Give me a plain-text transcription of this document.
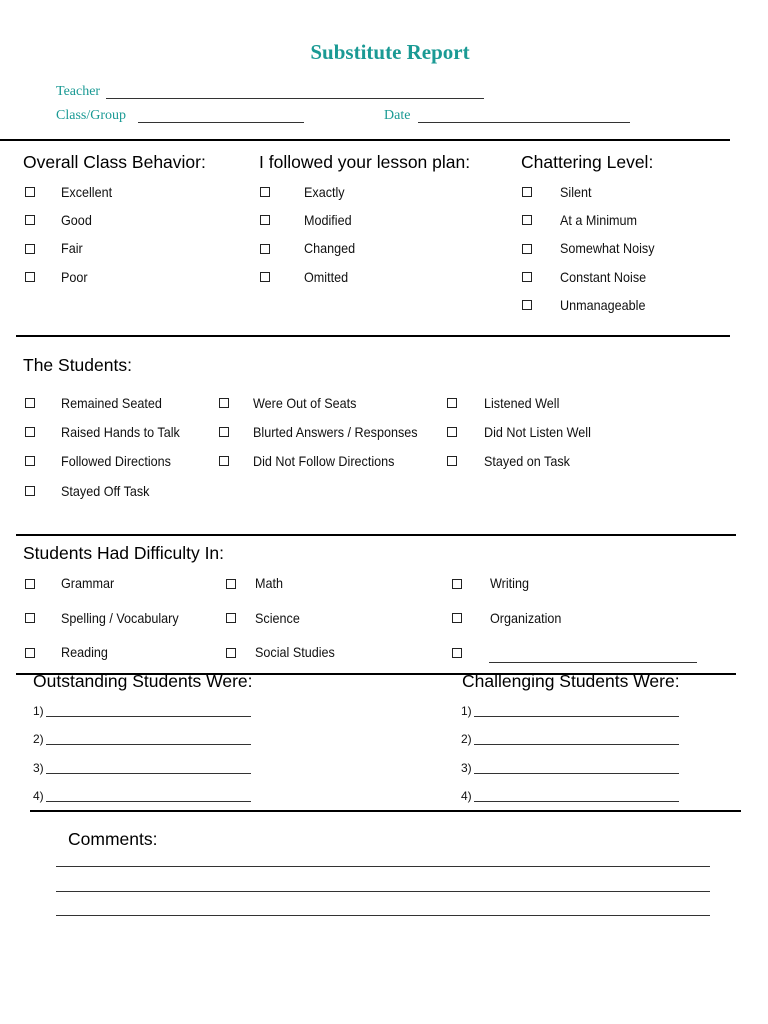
Substitute Report
Teacher
Class/Group	Date
Overall Class Behavior:	I followed your lesson plan:	Chattering Level:
Excellent
Good
Fair
Poor
Exactly
Modified
Changed
Omitted
Silent
At a Minimum
Somewhat Noisy
Constant Noise
Unmanageable
The Students:
Remained Seated
Raised Hands to Talk
Followed Directions
Stayed Off Task
Were Out of Seats
Blurted Answers / Responses
Did Not Follow Directions
Listened Well
Did Not Listen Well
Stayed on Task
Students Had Difficulty In:
Grammar
Spelling / Vocabulary
Reading
Math
Science
Social Studies
Writing
Organization
Outstanding Students Were:	Challenging Students Were:
1)
2)
3)
4)
1)
2)
3)
4)
Comments:
